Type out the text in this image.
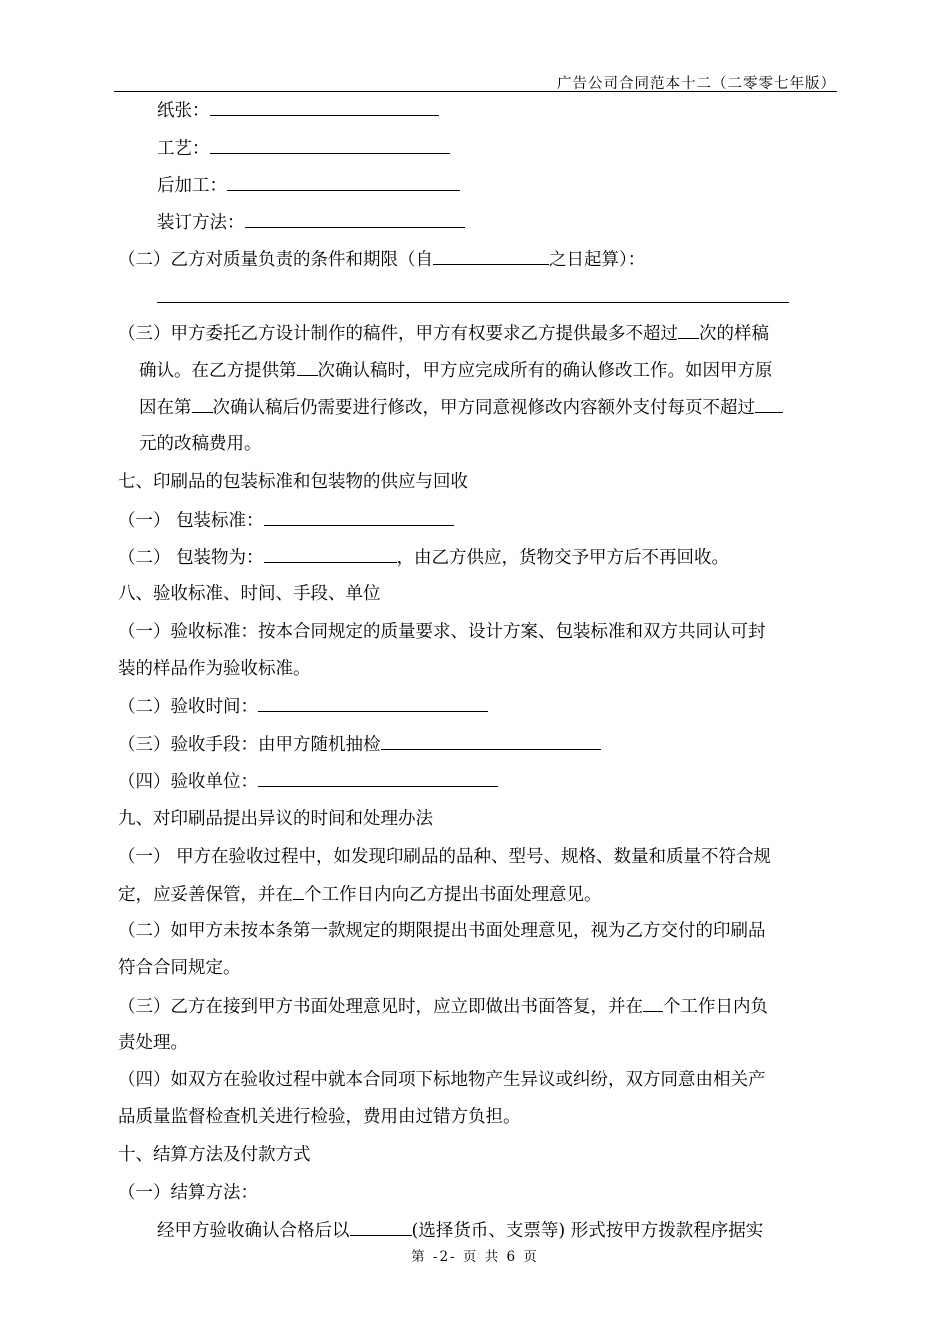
广告公司合同范本十二（二零零七年版）
纸张：
工艺：
后加工：
装订方法：
（二）乙方对质量负责的条件和期限（自	之日起算）：
（三）甲方委托乙方设计制作的稿件，甲方有权要求乙方提供最多不超过 次的样稿
确认。在乙方提供第 次确认稿时，甲方应完成所有的确认修改工作。如因甲方原
因在第 次确认稿后仍需要进行修改，甲方同意视修改内容额外支付每页不超过
元的改稿费用。
七、印刷品的包装标准和包装物的供应与回收
（一） 包装标准：
（二） 包装物为：	，由乙方供应，货物交予甲方后不再回收。
八、验收标准、时间、手段、单位
（一）验收标准：按本合同规定的质量要求、设计方案、包装标准和双方共同认可封
装的样品作为验收标准。
（二）验收时间：
（三）验收手段：由甲方随机抽检
（四）验收单位：
九、对印刷品提出异议的时间和处理办法
（一） 甲方在验收过程中，如发现印刷品的品种、型号、规格、数量和质量不符合规
定，应妥善保管，并在 个工作日内向乙方提出书面处理意见。
（二）如甲方未按本条第一款规定的期限提出书面处理意见，视为乙方交付的印刷品
符合合同规定。
（三）乙方在接到甲方书面处理意见时，应立即做出书面答复，并在 个工作日内负
责处理。
（四）如双方在验收过程中就本合同项下标地物产生异议或纠纷，双方同意由相关产
品质量监督检查机关进行检验，费用由过错方负担。
十、结算方法及付款方式
（一）结算方法：
经甲方验收确认合格后以	(选择货币、支票等) 形式按甲方拨款程序据实
第 -2- 页 共 6 页
